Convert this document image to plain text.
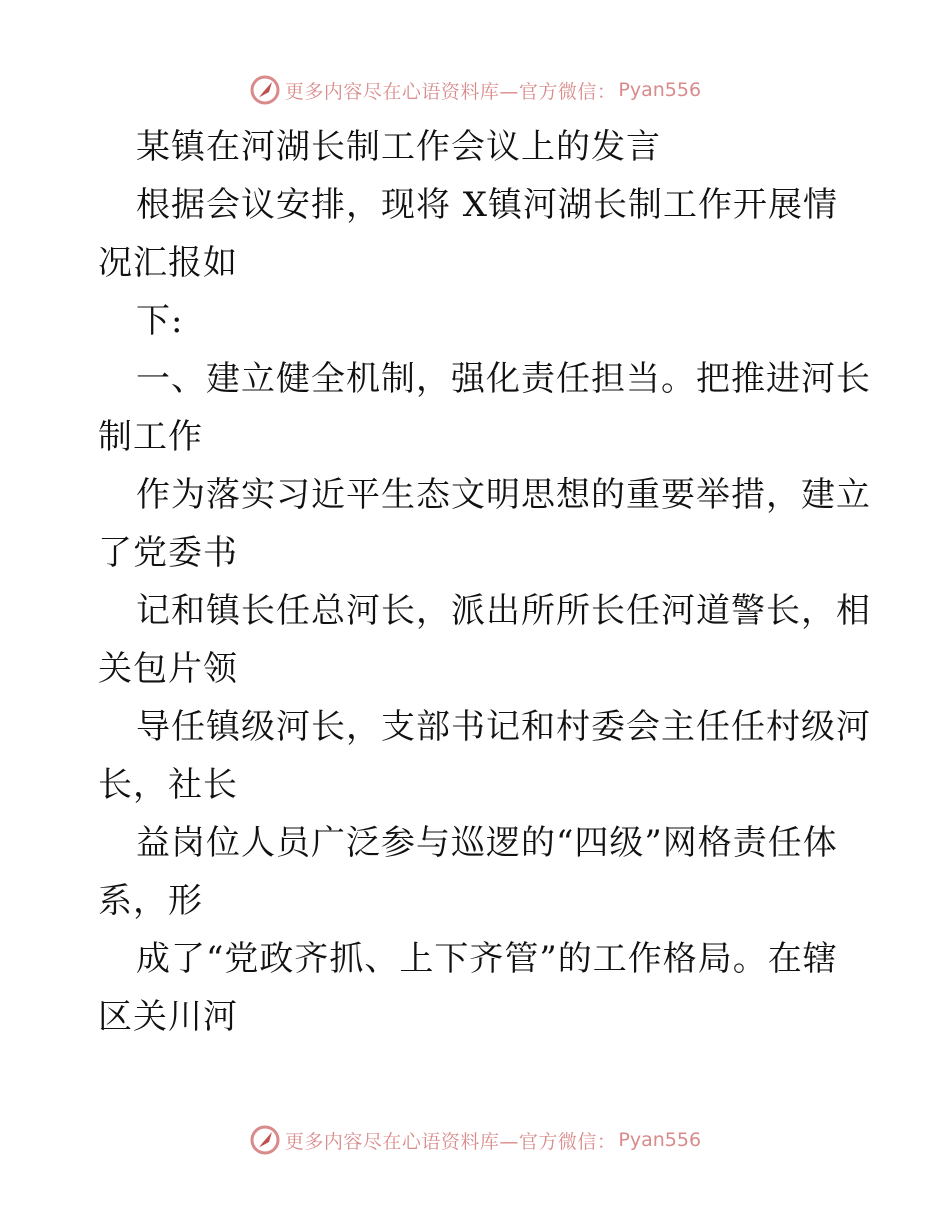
更多内容尽在心语资料库—官方微信： Pyan556
某镇在河湖长制工作会议上的发言
根据会议安排，现将 X镇河湖长制工作开展情
况汇报如
下:
一、建立健全机制，强化责任担当。把推进河长
制工作
作为落实习近平生态文明思想的重要举措，建立
了党委书
记和镇长任总河长，派出所所长任河道警长，相
关包片领
导任镇级河长，支部书记和村委会主任任村级河
长，社长
益岗位人员广泛参与巡逻的“四级”网格责任体
系，形
成了“党政齐抓、上下齐管”的工作格局。在辖
区关川河
更多内容尽在心语资料库—官方微信： Pyan556
